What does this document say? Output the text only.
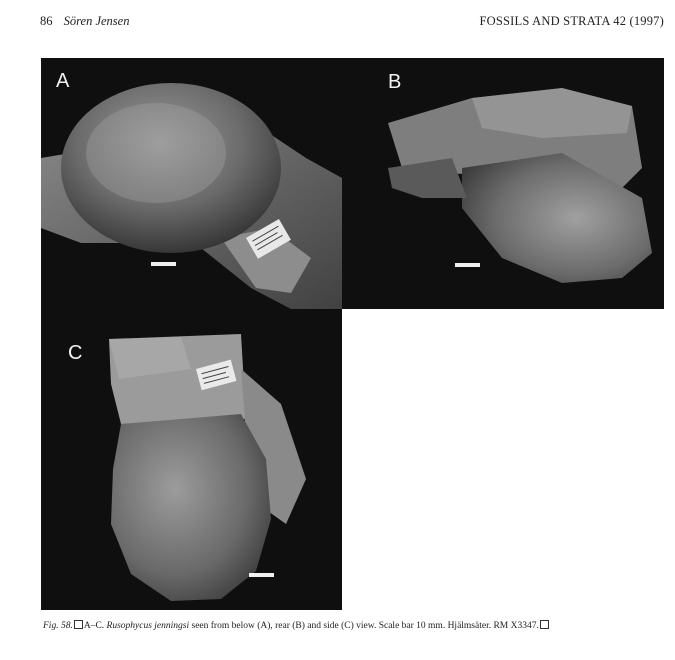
86 Sören Jensen	FOSSILS AND STRATA 42 (1997)
A	B
C
Fig. 58. A–C. Rusophycus jenningsi seen from below (A), rear (B) and side (C) view. Scale bar 10 mm. Hjälmsäter. RM X3347.
